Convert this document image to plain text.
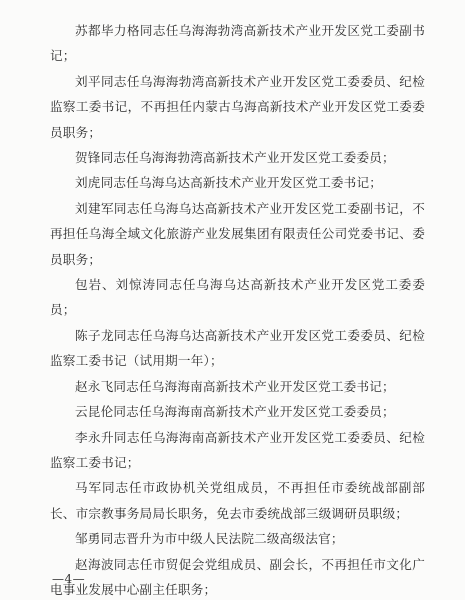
苏都毕力格同志任乌海海勃湾高新技术产业开发区党工委副书记；

刘平同志任乌海海勃湾高新技术产业开发区党工委委员、纪检监察工委书记，不再担任内蒙古乌海高新技术产业开发区党工委委员职务；

贺锋同志任乌海海勃湾高新技术产业开发区党工委委员；

刘虎同志任乌海乌达高新技术产业开发区党工委书记；

刘建军同志任乌海乌达高新技术产业开发区党工委副书记，不再担任乌海全域文化旅游产业发展集团有限责任公司党委书记、委员职务；

包岩、刘惊涛同志任乌海乌达高新技术产业开发区党工委委员；

陈子龙同志任乌海乌达高新技术产业开发区党工委委员、纪检监察工委书记（试用期一年）；

赵永飞同志任乌海海南高新技术产业开发区党工委书记；

云昆伦同志任乌海海南高新技术产业开发区党工委委员；

李永升同志任乌海海南高新技术产业开发区党工委委员、纪检监察工委书记；

马军同志任市政协机关党组成员，不再担任市委统战部副部长、市宗教事务局局长职务，免去市委统战部三级调研员职级；

邹勇同志晋升为市中级人民法院二级高级法官；

赵海波同志任市贸促会党组成员、副会长，不再担任市文化广电事业发展中心副主任职务；

—4—
